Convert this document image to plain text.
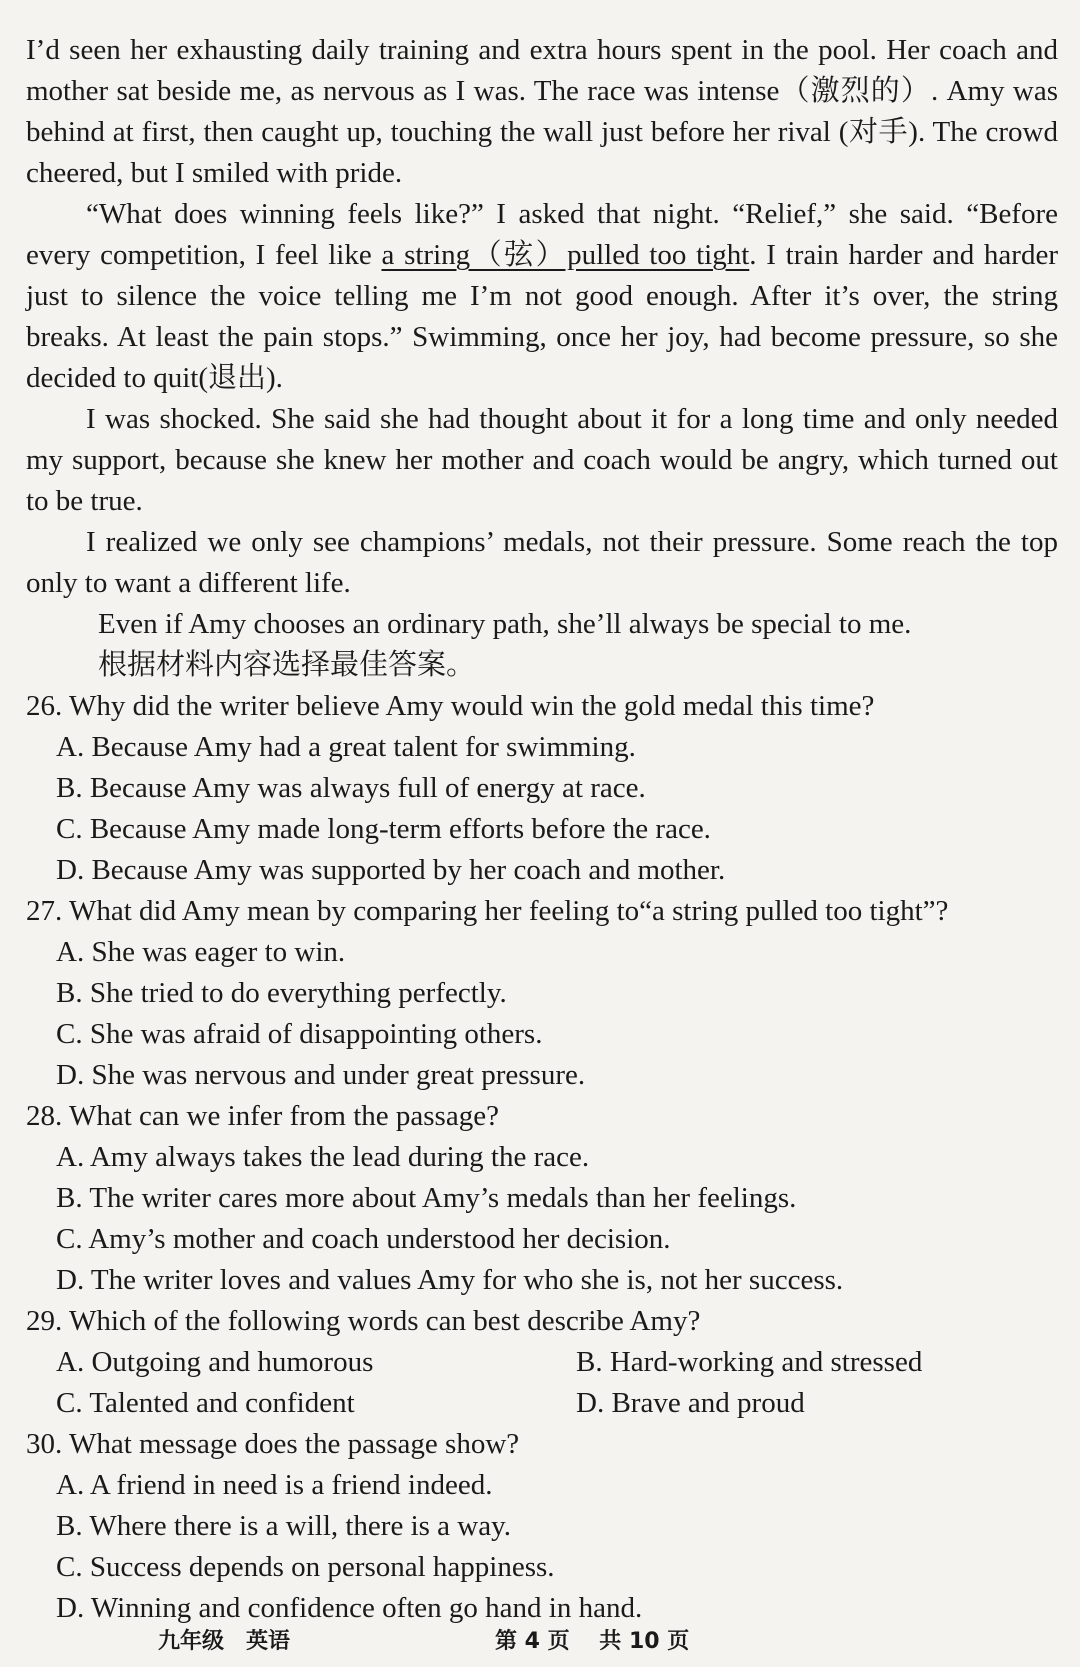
I’d seen her exhausting daily training and extra hours spent in the pool. Her coach and mother sat beside me, as nervous as I was. The race was intense（激烈的）. Amy was behind at first, then caught up, touching the wall just before her rival (对手). The crowd cheered, but I smiled with pride.

“What does winning feels like?” I asked that night. “Relief,” she said. “Before every competition, I feel like a string（弦）pulled too tight. I train harder and harder just to silence the voice telling me I’m not good enough. After it’s over, the string breaks. At least the pain stops.” Swimming, once her joy, had become pressure, so she decided to quit(退出).

I was shocked. She said she had thought about it for a long time and only needed my support, because she knew her mother and coach would be angry, which turned out to be true.

I realized we only see champions’ medals, not their pressure. Some reach the top only to want a different life.

Even if Amy chooses an ordinary path, she’ll always be special to me.

根据材料内容选择最佳答案。

26. Why did the writer believe Amy would win the gold medal this time?

A. Because Amy had a great talent for swimming.

B. Because Amy was always full of energy at race.

C. Because Amy made long-term efforts before the race.

D. Because Amy was supported by her coach and mother.

27. What did Amy mean by comparing her feeling to“a string pulled too tight”?

A. She was eager to win.

B. She tried to do everything perfectly.

C. She was afraid of disappointing others.

D. She was nervous and under great pressure.

28. What can we infer from the passage?

A. Amy always takes the lead during the race.

B. The writer cares more about Amy’s medals than her feelings.

C. Amy’s mother and coach understood her decision.

D. The writer loves and values Amy for who she is, not her success.

29. Which of the following words can best describe Amy?

A. Outgoing and humorous	B. Hard-working and stressed
C. Talented and confident	D. Brave and proud

30. What message does the passage show?

A. A friend in need is a friend indeed.

B. Where there is a will, there is a way.

C. Success depends on personal happiness.

D. Winning and confidence often go hand in hand.

九年级　英语	第 4 页　 共 10 页
